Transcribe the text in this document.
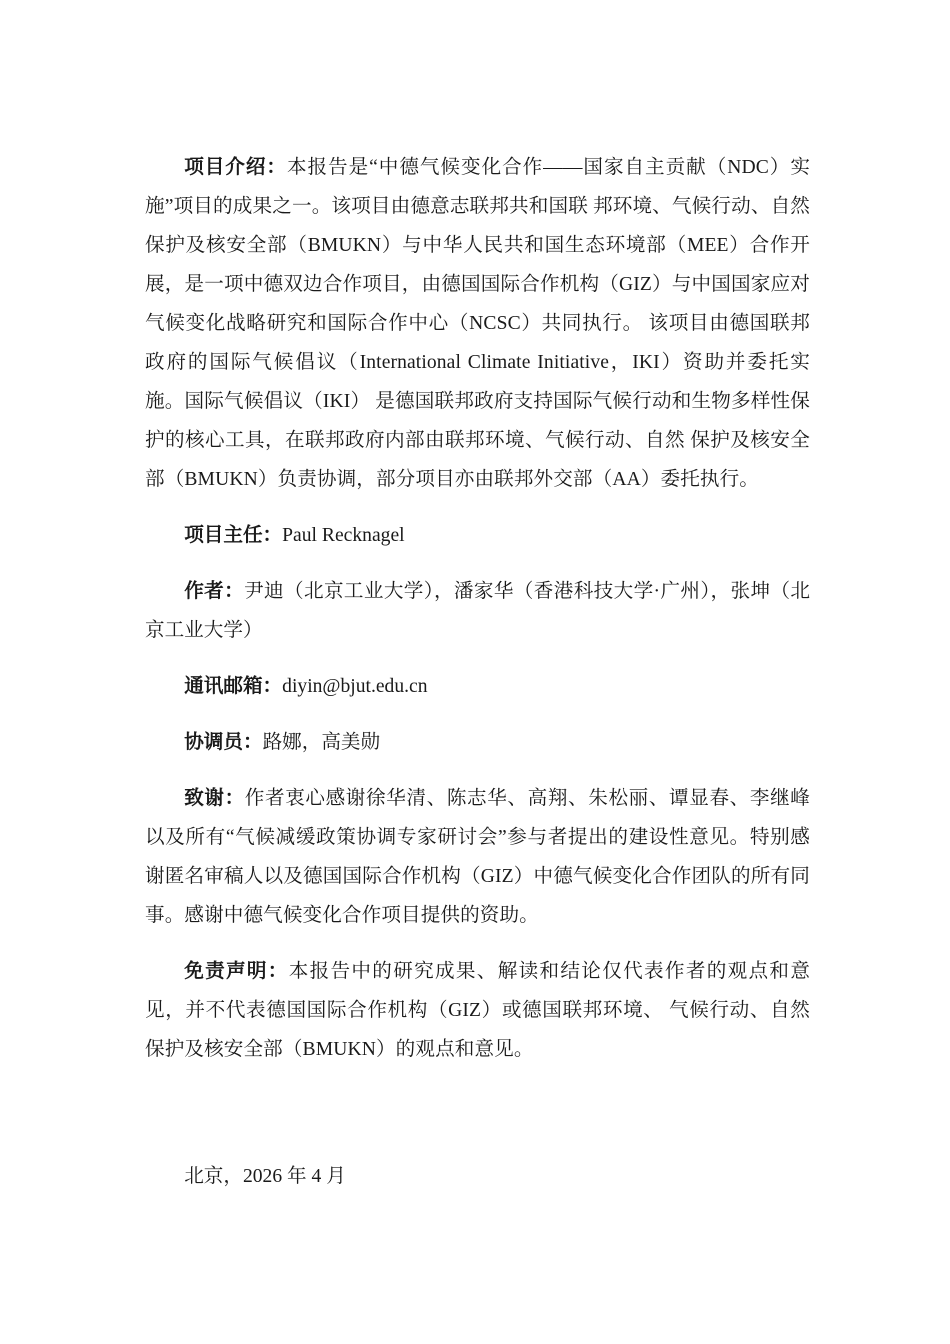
项目介绍：本报告是“中德气候变化合作——国家自主贡献（NDC）实施”项目的成果之一。该项目由德意志联邦共和国联 邦环境、气候行动、自然保护及核安全部（BMUKN）与中华人民共和国生态环境部（MEE）合作开展，是一项中德双边合作项目，由德国国际合作机构（GIZ）与中国国家应对气候变化战略研究和国际合作中心（NCSC）共同执行。 该项目由德国联邦政府的国际气候倡议（International Climate Initiative，IKI）资助并委托实施。国际气候倡议（IKI） 是德国联邦政府支持国际气候行动和生物多样性保护的核心工具，在联邦政府内部由联邦环境、气候行动、自然 保护及核安全部（BMUKN）负责协调，部分项目亦由联邦外交部（AA）委托执行。

项目主任：Paul Recknagel

作者：尹迪（北京工业大学），潘家华（香港科技大学·广州），张坤（北京工业大学）

通讯邮箱：diyin@bjut.edu.cn

协调员：路娜，高美勋

致谢：作者衷心感谢徐华清、陈志华、高翔、朱松丽、谭显春、李继峰以及所有“气候减缓政策协调专家研讨会”参与者提出的建设性意见。特别感谢匿名审稿人以及德国国际合作机构（GIZ）中德气候变化合作团队的所有同事。感谢中德气候变化合作项目提供的资助。

免责声明：本报告中的研究成果、解读和结论仅代表作者的观点和意见，并不代表德国国际合作机构（GIZ）或德国联邦环境、 气候行动、自然保护及核安全部（BMUKN）的观点和意见。

北京，2026 年 4 月
